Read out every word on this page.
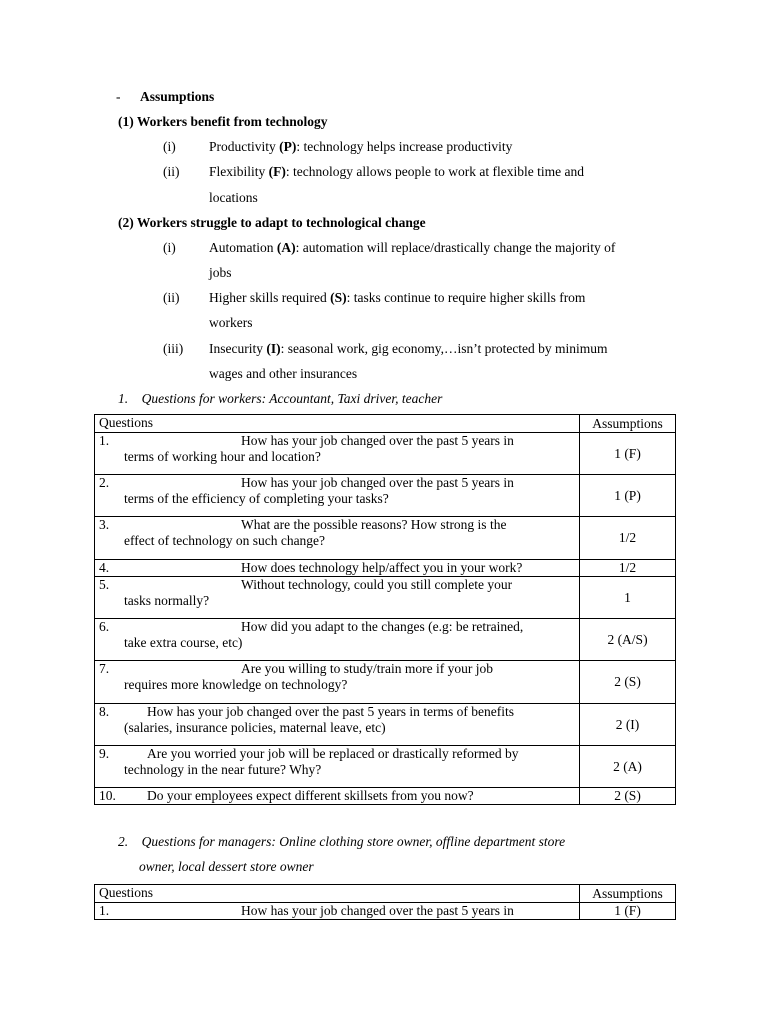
- Assumptions
(1) Workers benefit from technology
(i) Productivity (P): technology helps increase productivity
(ii) Flexibility (F): technology allows people to work at flexible time and
locations
(2) Workers struggle to adapt to technological change
(i) Automation (A): automation will replace/drastically change the majority of
jobs
(ii) Higher skills required (S): tasks continue to require higher skills from
workers
(iii) Insecurity (I): seasonal work, gig economy,…isn’t protected by minimum
wages and other insurances
1. Questions for workers: Accountant, Taxi driver, teacher
Questions	Assumptions

1. How has your job changed over the past 5 years in
terms of working hour and location?	1 (F)

2. How has your job changed over the past 5 years in
terms of the efficiency of completing your tasks?	1 (P)

3. What are the possible reasons? How strong is the
effect of technology on such change?	1/2

4. How does technology help/affect you in your work?	1/2

5. Without technology, could you still complete your
tasks normally?	1

6. How did you adapt to the changes (e.g: be retrained,
take extra course, etc)	2 (A/S)

7. Are you willing to study/train more if your job
requires more knowledge on technology?	2 (S)

8. How has your job changed over the past 5 years in terms of benefits
(salaries, insurance policies, maternal leave, etc)	2 (I)

9. Are you worried your job will be replaced or drastically reformed by
technology in the near future? Why?	2 (A)

10. Do your employees expect different skillsets from you now?	2 (S)
2. Questions for managers: Online clothing store owner, offline department store
owner, local dessert store owner
Questions	Assumptions

1. How has your job changed over the past 5 years in	1 (F)
